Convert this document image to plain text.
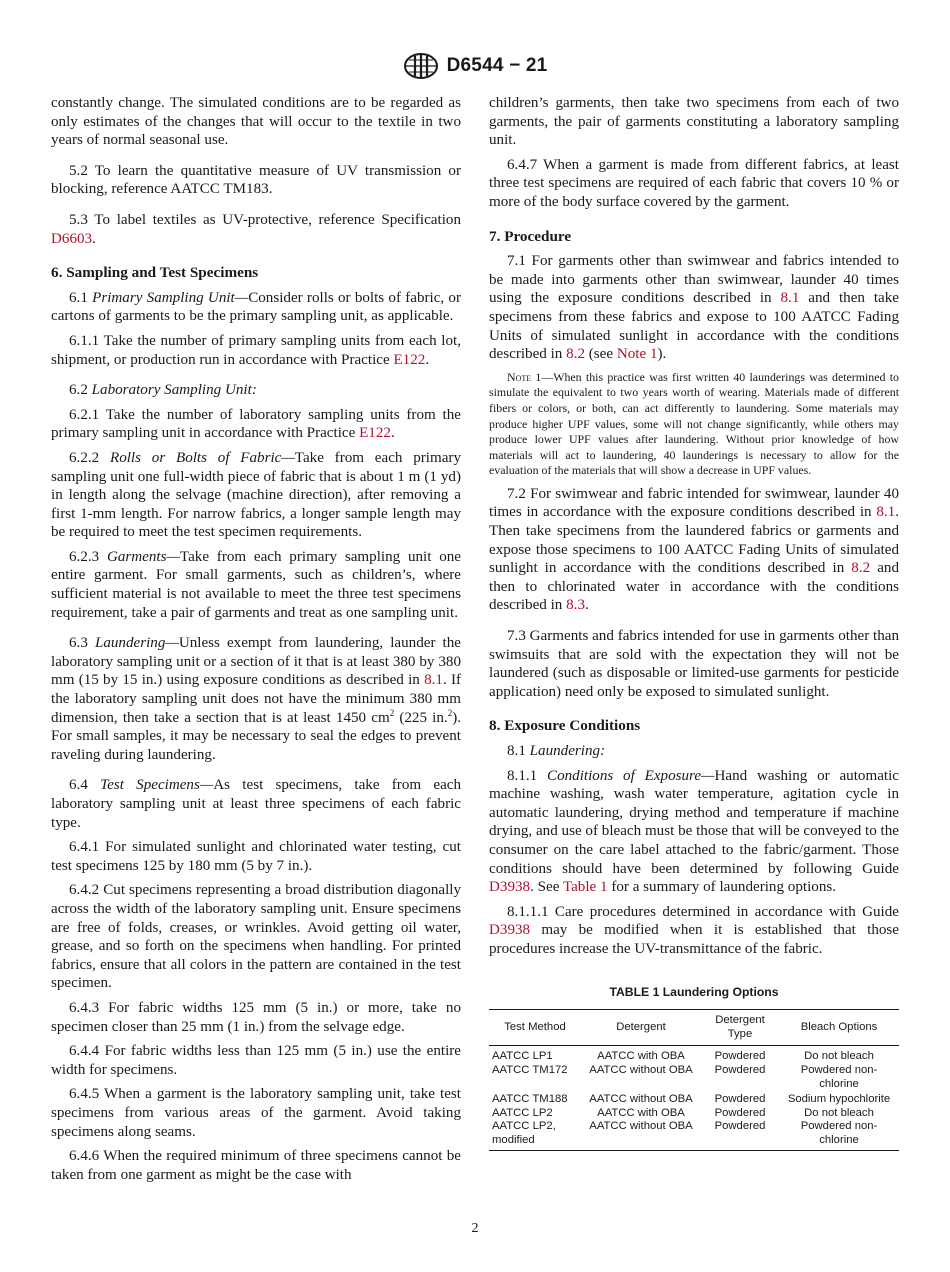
D6544 − 21

constantly change. The simulated conditions are to be regarded as only estimates of the changes that will occur to the textile in two years of normal seasonal use.

5.2 To learn the quantitative measure of UV transmission or blocking, reference AATCC TM183.

5.3 To label textiles as UV-protective, reference Specification D6603.

6. Sampling and Test Specimens

6.1 Primary Sampling Unit—Consider rolls or bolts of fabric, or cartons of garments to be the primary sampling unit, as applicable.

6.1.1 Take the number of primary sampling units from each lot, shipment, or production run in accordance with Practice E122.

6.2 Laboratory Sampling Unit:

6.2.1 Take the number of laboratory sampling units from the primary sampling unit in accordance with Practice E122.

6.2.2 Rolls or Bolts of Fabric—Take from each primary sampling unit one full-width piece of fabric that is about 1 m (1 yd) in length along the selvage (machine direction), after removing a first 1-mm length. For narrow fabrics, a longer sample length may be required to meet the test specimen requirements.

6.2.3 Garments—Take from each primary sampling unit one entire garment. For small garments, such as children’s, where sufficient material is not available to meet the three test specimens requirement, take a pair of garments and treat as one sampling unit.

6.3 Laundering—Unless exempt from laundering, launder the laboratory sampling unit or a section of it that is at least 380 by 380 mm (15 by 15 in.) using exposure conditions as described in 8.1. If the laboratory sampling unit does not have the minimum 380 mm dimension, then take a section that is at least 1450 $cm^2$ (225 in.$^2$). For small samples, it may be necessary to seal the edges to prevent raveling during laundering.

6.4 Test Specimens—As test specimens, take from each laboratory sampling unit at least three specimens of each fabric type.

6.4.1 For simulated sunlight and chlorinated water testing, cut test specimens 125 by 180 mm (5 by 7 in.).

6.4.2 Cut specimens representing a broad distribution diagonally across the width of the laboratory sampling unit. Ensure specimens are free of folds, creases, or wrinkles. Avoid getting oil water, grease, and so forth on the specimens when handling. For printed fabrics, ensure that all colors in the pattern are contained in the test specimen.

6.4.3 For fabric widths 125 mm (5 in.) or more, take no specimen closer than 25 mm (1 in.) from the selvage edge.

6.4.4 For fabric widths less than 125 mm (5 in.) use the entire width for specimens.

6.4.5 When a garment is the laboratory sampling unit, take test specimens from various areas of the garment. Avoid taking specimens along seams.

6.4.6 When the required minimum of three specimens cannot be taken from one garment as might be the case with

children’s garments, then take two specimens from each of two garments, the pair of garments constituting a laboratory sampling unit.

6.4.7 When a garment is made from different fabrics, at least three test specimens are required of each fabric that covers 10 % or more of the body surface covered by the garment.

7. Procedure

7.1 For garments other than swimwear and fabrics intended to be made into garments other than swimwear, launder 40 times using the exposure conditions described in 8.1 and then take specimens from these fabrics and expose to 100 AATCC Fading Units of simulated sunlight in accordance with the conditions described in 8.2 (see Note 1).

Note 1—When this practice was first written 40 launderings was determined to simulate the equivalent to two years worth of wearing. Materials made of different fibers or colors, or both, can act differently to laundering. Some materials may produce higher UPF values, some will not change significantly, while others may produce lower UPF values after laundering. Without prior knowledge of how materials will act to laundering, 40 launderings is necessary to allow for the evaluation of the materials that will show a decrease in UPF values.

7.2 For swimwear and fabric intended for swimwear, launder 40 times in accordance with the exposure conditions described in 8.1. Then take specimens from the laundered fabrics or garments and expose those specimens to 100 AATCC Fading Units of simulated sunlight in accordance with the conditions described in 8.2 and then to chlorinated water in accordance with the conditions described in 8.3.

7.3 Garments and fabrics intended for use in garments other than swimsuits that are sold with the expectation they will not be laundered (such as disposable or limited-use garments for pesticide application) need only be exposed to simulated sunlight.

8. Exposure Conditions

8.1 Laundering:

8.1.1 Conditions of Exposure—Hand washing or automatic machine washing, wash water temperature, agitation cycle in automatic laundering, drying method and temperature if machine drying, and use of bleach must be those that will be conveyed to the consumer on the care label attached to the fabric/garment. Those conditions should have been determined by following Guide D3938. See Table 1 for a summary of laundering options.

8.1.1.1 Care procedures determined in accordance with Guide D3938 may be modified when it is established that those procedures increase the UV-transmittance of the fabric.

TABLE 1 Laundering Options
Test Method	Detergent	Detergent Type	Bleach Options
AATCC LP1	AATCC with OBA	Powdered	Do not bleach
AATCC TM172	AATCC without OBA	Powdered	Powdered non-chlorine
AATCC TM188	AATCC without OBA	Powdered	Sodium hypochlorite
AATCC LP2	AATCC with OBA	Powdered	Do not bleach
AATCC LP2, modified	AATCC without OBA	Powdered	Powdered non-chlorine
2
